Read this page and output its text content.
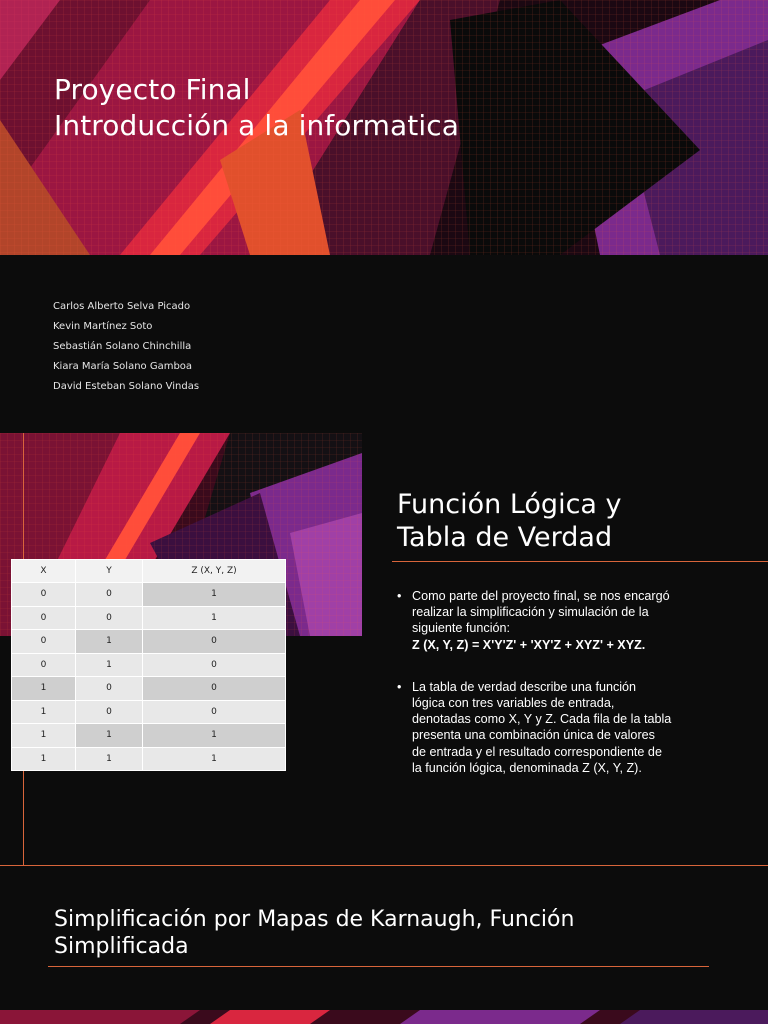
Proyecto Final
Introducción a la informatica
Carlos Alberto Selva Picado
Kevin Martínez Soto
Sebastián Solano Chinchilla
Kiara María Solano Gamboa
David Esteban Solano Vindas
Función Lógica y
Tabla de Verdad
X	Y	Z (X, Y, Z)
0	0	1
0	0	1
0	1	0
0	1	0
1	0	0
1	0	0
1	1	1
1	1	1
• Como parte del proyecto final, se nos encargó realizar la simplificación y simulación de la siguiente función:
Z (X, Y, Z) = X'Y'Z' + 'XY'Z + XYZ' + XYZ.
• La tabla de verdad describe una función lógica con tres variables de entrada, denotadas como X, Y y Z. Cada fila de la tabla presenta una combinación única de valores de entrada y el resultado correspondiente de la función lógica, denominada Z (X, Y, Z).
Simplificación por Mapas de Karnaugh, Función
Simplificada
